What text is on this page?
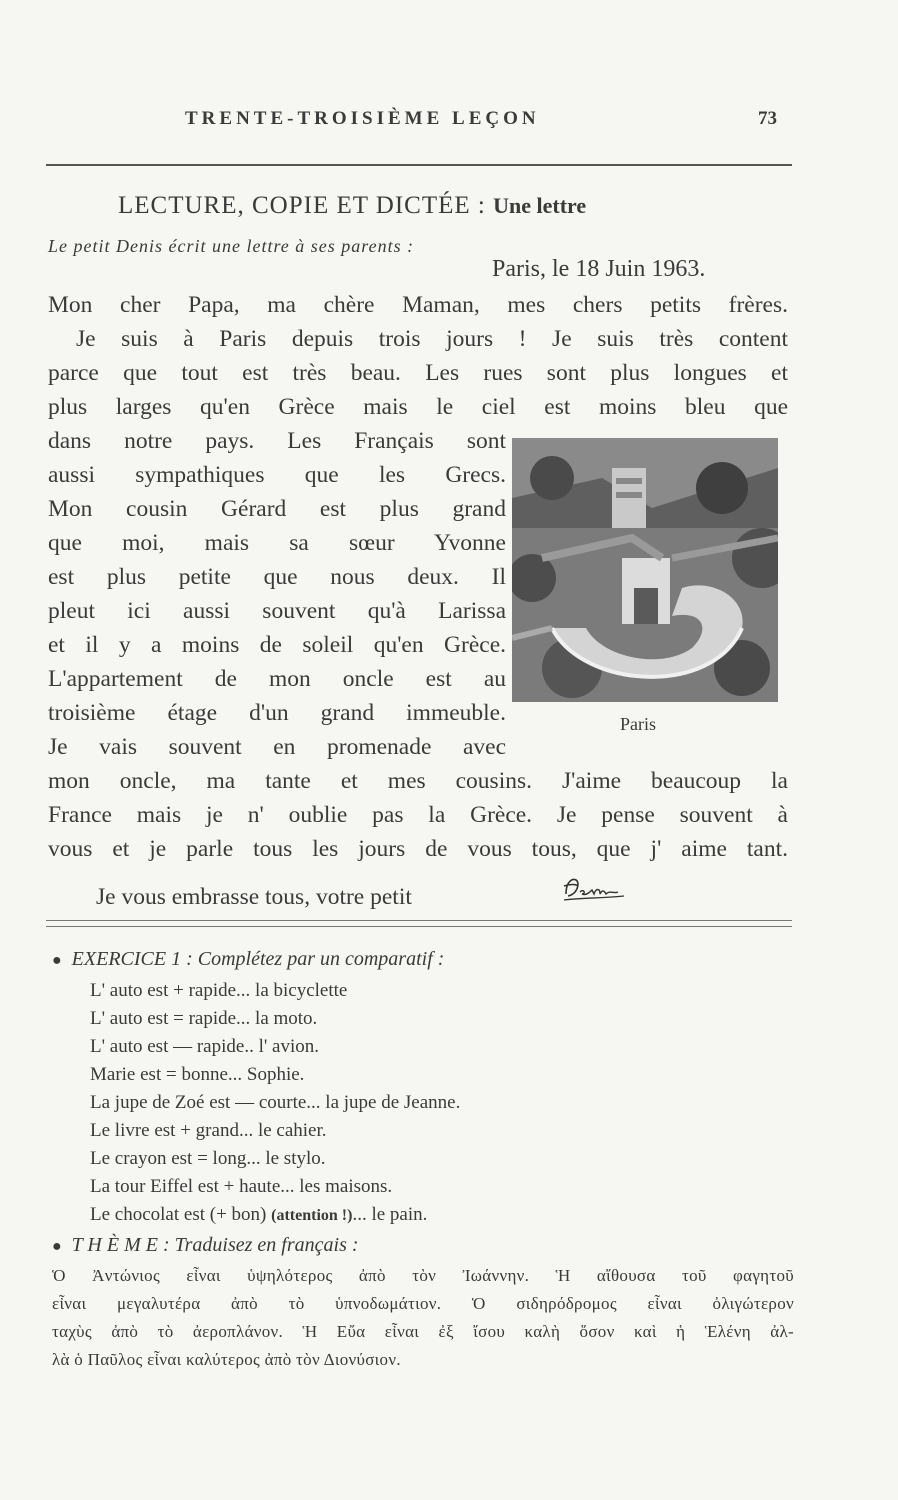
TRENTE-TROISIÈME LEÇON	73
LECTURE, COPIE ET DICTÉE : Une lettre
Le petit Denis écrit une lettre à ses parents :
Paris, le 18 Juin 1963.
Mon cher Papa, ma chère Maman, mes chers petits frères.
Je suis à Paris depuis trois jours ! Je suis très content
parce que tout est très beau. Les rues sont plus longues et
plus larges qu'en Grèce mais le ciel est moins bleu que
dans notre pays. Les Français sont
aussi sympathiques que les Grecs.
Mon cousin Gérard est plus grand
que moi, mais sa sœur Yvonne
est plus petite que nous deux. Il
pleut ici aussi souvent qu'à Larissa
et il y a moins de soleil qu'en Grèce.
L'appartement de mon oncle est au
troisième étage d'un grand immeuble.
Je vais souvent en promenade avec
mon oncle, ma tante et mes cousins. J'aime beaucoup la
France mais je n' oublie pas la Grèce. Je pense souvent à
vous et je parle tous les jours de vous tous, que j' aime tant.
Je vous embrasse tous, votre petit
Paris
● EXERCICE 1 : Complétez par un comparatif :
L' auto est + rapide... la bicyclette
L' auto est = rapide... la moto.
L' auto est — rapide.. l' avion.
Marie est = bonne... Sophie.
La jupe de Zoé est — courte... la jupe de Jeanne.
Le livre est + grand... le cahier.
Le crayon est = long... le stylo.
La tour Eiffel est + haute... les maisons.
Le chocolat est (+ bon) (attention !)... le pain.
● T H È M E : Traduisez en français :
Ὁ Ἀντώνιος εἶναι ὑψηλότερος ἀπὸ τὸν Ἰωάννην. Ἡ αἴθουσα τοῦ φαγητοῦ
εἶναι μεγαλυτέρα ἀπὸ τὸ ὑπνοδωμάτιον. Ὁ σιδηρόδρομος εἶναι ὀλιγώτερον
ταχὺς ἀπὸ τὸ ἀεροπλάνον. Ἡ Εὔα εἶναι ἐξ ἴσου καλὴ ὅσον καὶ ἡ Ἑλένη ἀλ-
λὰ ὁ Παῦλος εἶναι καλύτερος ἀπὸ τὸν Διονύσιον.
